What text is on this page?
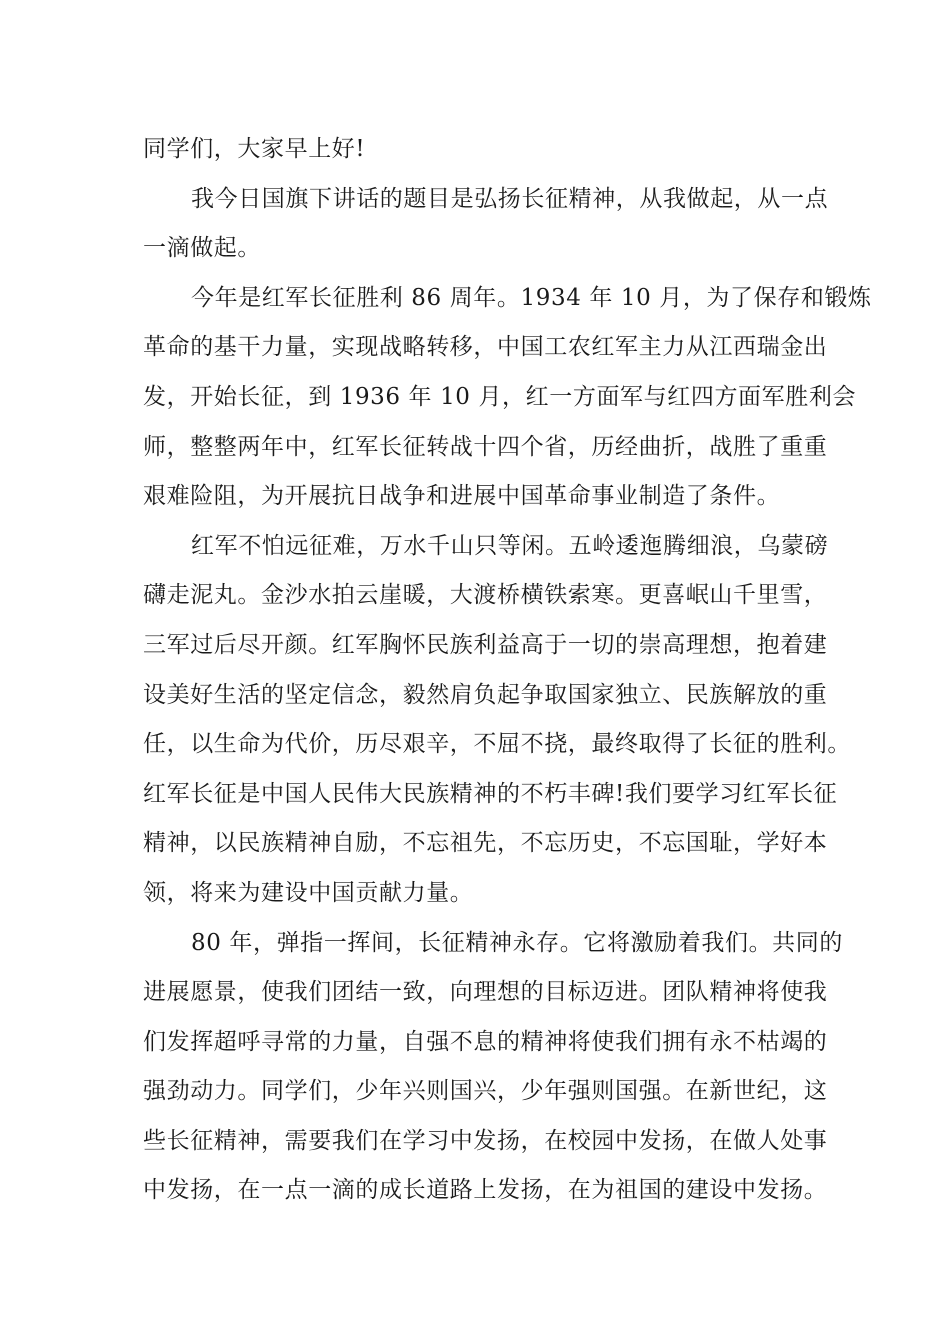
同学们，大家早上好!
我今日国旗下讲话的题目是弘扬长征精神，从我做起，从一点
一滴做起。
今年是红军长征胜利 86 周年。1934 年 10 月，为了保存和锻炼
革命的基干力量，实现战略转移，中国工农红军主力从江西瑞金出
发，开始长征，到 1936 年 10 月，红一方面军与红四方面军胜利会
师，整整两年中，红军长征转战十四个省，历经曲折，战胜了重重
艰难险阻，为开展抗日战争和进展中国革命事业制造了条件。
红军不怕远征难，万水千山只等闲。五岭逶迤腾细浪，乌蒙磅
礴走泥丸。金沙水拍云崖暖，大渡桥横铁索寒。更喜岷山千里雪，
三军过后尽开颜。红军胸怀民族利益高于一切的崇高理想，抱着建
设美好生活的坚定信念，毅然肩负起争取国家独立、民族解放的重
任，以生命为代价，历尽艰辛，不屈不挠，最终取得了长征的胜利。
红军长征是中国人民伟大民族精神的不朽丰碑!我们要学习红军长征
精神，以民族精神自励，不忘祖先，不忘历史，不忘国耻，学好本
领，将来为建设中国贡献力量。
80 年，弹指一挥间，长征精神永存。它将激励着我们。共同的
进展愿景，使我们团结一致，向理想的目标迈进。团队精神将使我
们发挥超呼寻常的力量，自强不息的精神将使我们拥有永不枯竭的
强劲动力。同学们，少年兴则国兴，少年强则国强。在新世纪，这
些长征精神，需要我们在学习中发扬，在校园中发扬，在做人处事
中发扬，在一点一滴的成长道路上发扬，在为祖国的建设中发扬。
